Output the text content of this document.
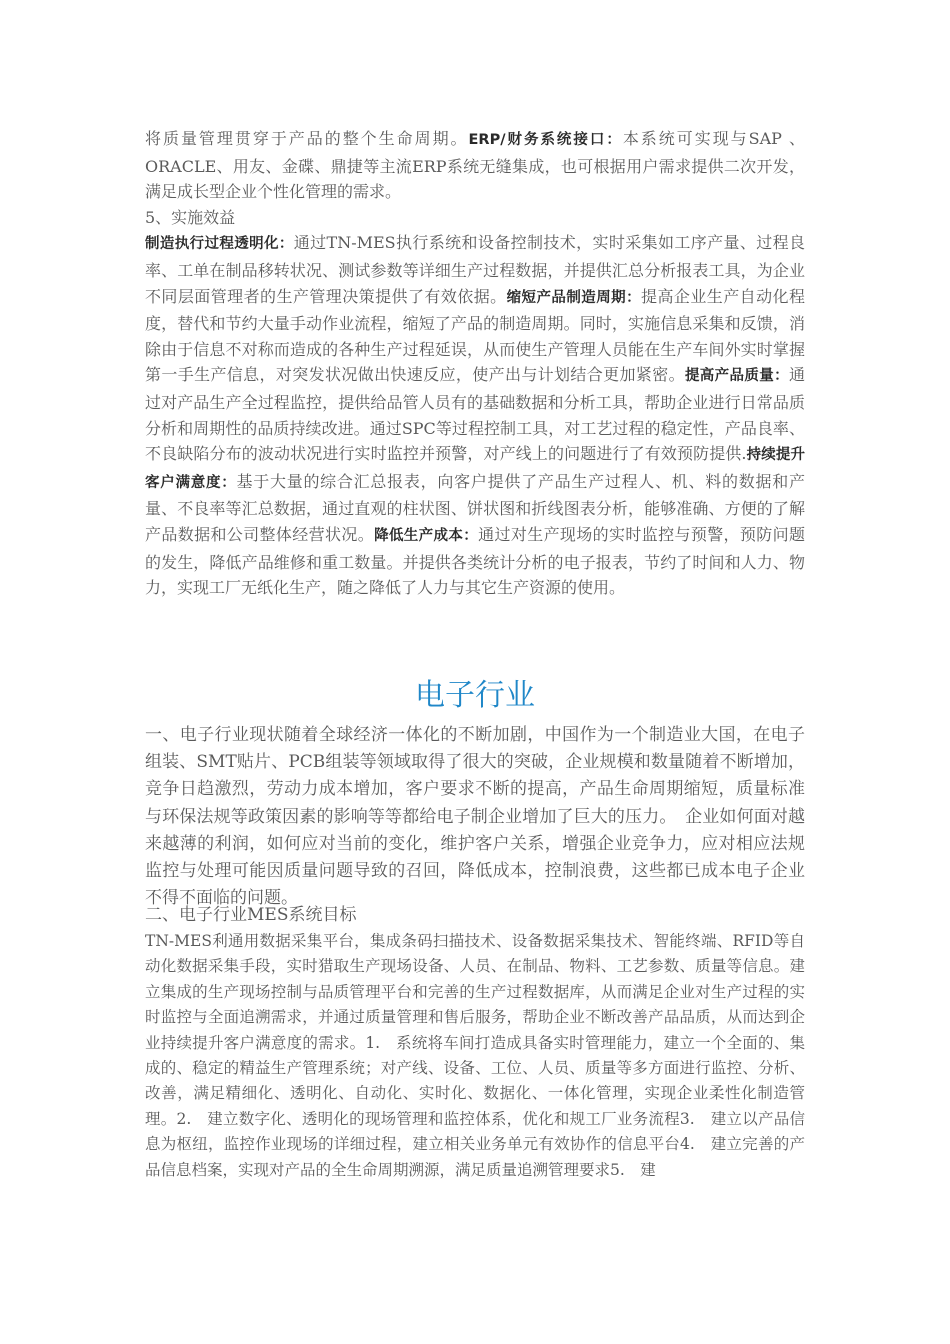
将质量管理贯穿于产品的整个生命周期。ERP/财务系统接口：本系统可实现与SAP 、ORACLE、用友、金碟、鼎捷等主流ERP系统无缝集成，也可根据用户需求提供二次开发，满足成长型企业个性化管理的需求。

5、实施效益

制造执行过程透明化：通过TN-MES执行系统和设备控制技术，实时采集如工序产量、过程良率、工单在制品移转状况、测试参数等详细生产过程数据，并提供汇总分析报表工具，为企业不同层面管理者的生产管理决策提供了有效依据。缩短产品制造周期：提高企业生产自动化程度，替代和节约大量手动作业流程，缩短了产品的制造周期。同时，实施信息采集和反馈，消除由于信息不对称而造成的各种生产过程延误，从而使生产管理人员能在生产车间外实时掌握第一手生产信息，对突发状况做出快速反应，使产出与计划结合更加紧密。提高产品质量：通过对产品生产全过程监控，提供给品管人员有的基础数据和分析工具，帮助企业进行日常品质分析和周期性的品质持续改进。通过SPC等过程控制工具，对工艺过程的稳定性，产品良率、不良缺陷分布的波动状况进行实时监控并预警，对产线上的问题进行了有效预防提供.持续提升客户满意度：基于大量的综合汇总报表，向客户提供了产品生产过程人、机、料的数据和产量、不良率等汇总数据，通过直观的柱状图、饼状图和折线图表分析，能够准确、方便的了解产品数据和公司整体经营状况。降低生产成本：通过对生产现场的实时监控与预警，预防问题的发生，降低产品维修和重工数量。并提供各类统计分析的电子报表，节约了时间和人力、物力，实现工厂无纸化生产，随之降低了人力与其它生产资源的使用。

电子行业

一、电子行业现状随着全球经济一体化的不断加剧，中国作为一个制造业大国，在电子组装、SMT贴片、PCB组装等领域取得了很大的突破，企业规模和数量随着不断增加，竞争日趋激烈，劳动力成本增加，客户要求不断的提高，产品生命周期缩短，质量标准与环保法规等政策因素的影响等等都给电子制企业增加了巨大的压力。　企业如何面对越来越薄的利润，如何应对当前的变化，维护客户关系，增强企业竞争力，应对相应法规监控与处理可能因质量问题导致的召回，降低成本，控制浪费，这些都已成本电子企业不得不面临的问题。

二、电子行业MES系统目标

TN-MES利通用数据采集平台，集成条码扫描技术、设备数据采集技术、智能终端、RFID等自动化数据采集手段，实时猎取生产现场设备、人员、在制品、物料、工艺参数、质量等信息。建立集成的生产现场控制与品质管理平台和完善的生产过程数据库，从而满足企业对生产过程的实时监控与全面追溯需求，并通过质量管理和售后服务，帮助企业不断改善产品品质，从而达到企业持续提升客户满意度的需求。1.　系统将车间打造成具备实时管理能力，建立一个全面的、集成的、稳定的精益生产管理系统；对产线、设备、工位、人员、质量等多方面进行监控、分析、改善，满足精细化、透明化、自动化、实时化、数据化、一体化管理，实现企业柔性化制造管理。2.　建立数字化、透明化的现场管理和监控体系，优化和规工厂业务流程3.　建立以产品信息为枢纽，监控作业现场的详细过程，建立相关业务单元有效协作的信息平台4.　建立完善的产品信息档案，实现对产品的全生命周期溯源，满足质量追溯管理要求5.　建
